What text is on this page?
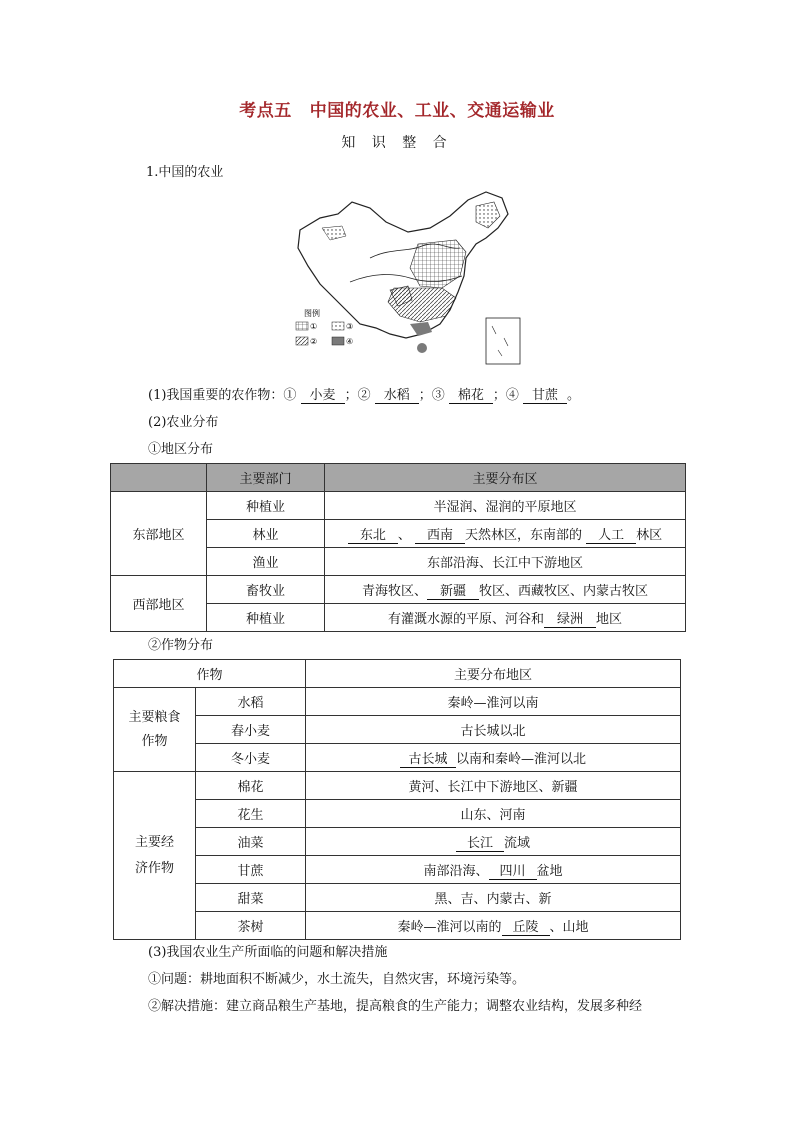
考点五 中国的农业、工业、交通运输业
知 识 整 合
1.中国的农业
图例
①	③
②	④
(1)我国重要的农作物：① 小麦 ；② 水稻 ；③ 棉花 ；④ 甘蔗 。
(2)农业分布
①地区分布
	主要部门	主要分布区
东部地区	种植业	半湿润、湿润的平原地区
	林业	东北 、 西南 天然林区，东南部的 人工 林区
	渔业	东部沿海、长江中下游地区
西部地区	畜牧业	青海牧区、 新疆 牧区、西藏牧区、内蒙古牧区
	种植业	有灌溉水源的平原、河谷和 绿洲 地区
②作物分布
作物		主要分布地区
主要粮食
作物	水稻	秦岭—淮河以南
	春小麦	古长城以北
	冬小麦	古长城 以南和秦岭—淮河以北
主要经
济作物	棉花	黄河、长江中下游地区、新疆
	花生	山东、河南
	油菜	长江 流域
	甘蔗	南部沿海、 四川 盆地
	甜菜	黑、吉、内蒙古、新
	茶树	秦岭—淮河以南的 丘陵 、山地
(3)我国农业生产所面临的问题和解决措施
①问题：耕地面积不断减少，水土流失，自然灾害，环境污染等。
②解决措施：建立商品粮生产基地，提高粮食的生产能力；调整农业结构，发展多种经
